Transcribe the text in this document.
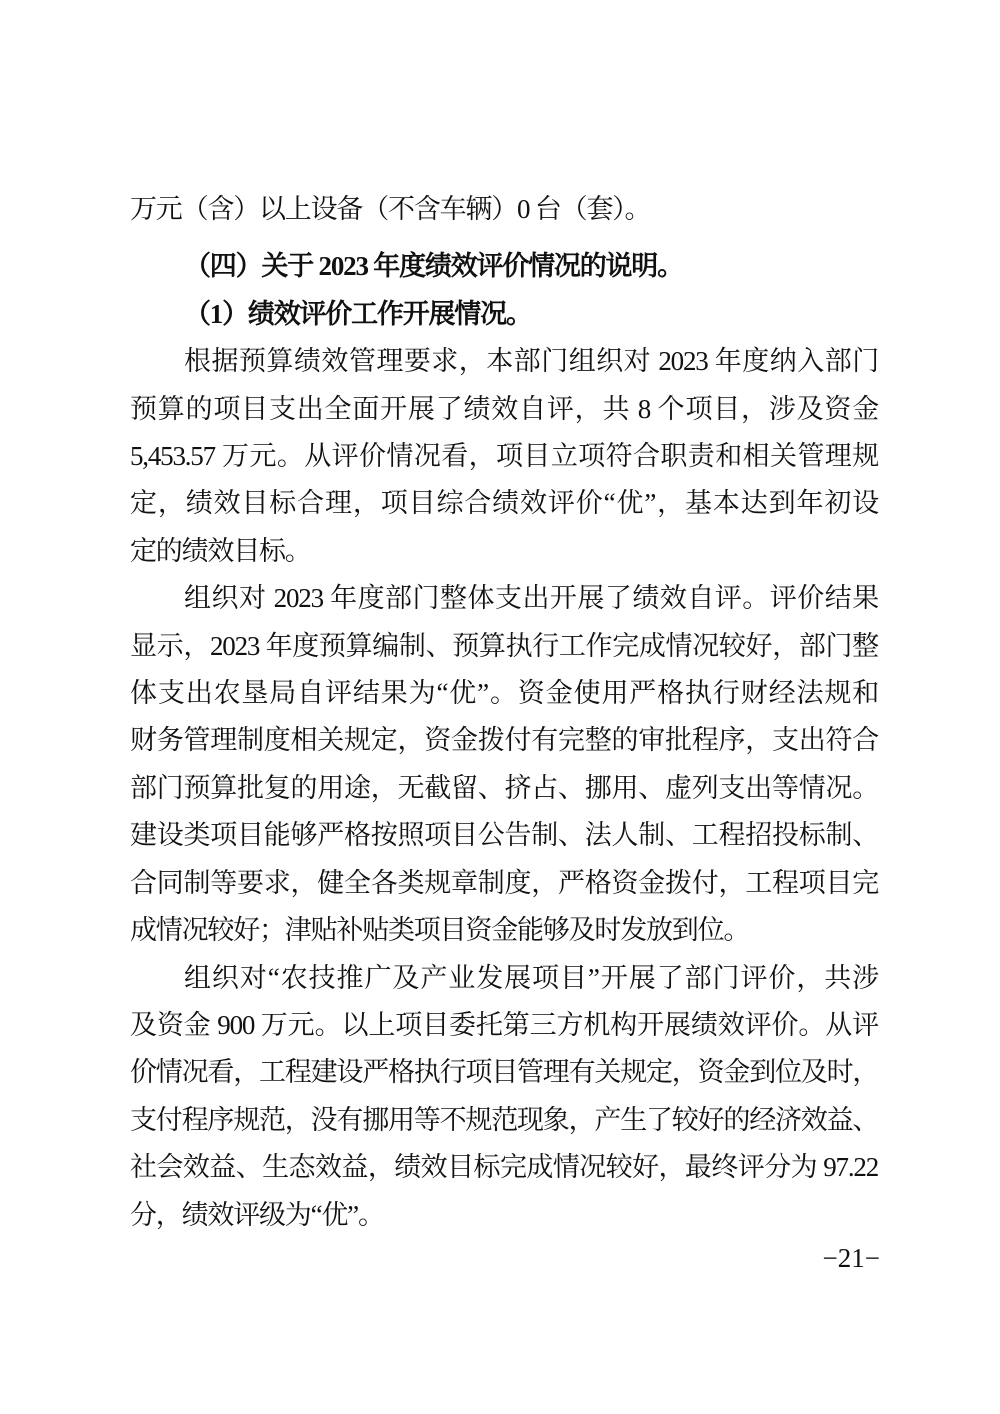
万元（含）以上设备（不含车辆）0 台（套）。

（四）关于 2023 年度绩效评价情况的说明。

（1）绩效评价工作开展情况。

根据预算绩效管理要求，本部门组织对 2023 年度纳入部门

预算的项目支出全面开展了绩效自评，共 8 个项目，涉及资金

5,453.57 万元。从评价情况看，项目立项符合职责和相关管理规

定，绩效目标合理，项目综合绩效评价“优”，基本达到年初设

定的绩效目标。

组织对 2023 年度部门整体支出开展了绩效自评。评价结果

显示，2023 年度预算编制、预算执行工作完成情况较好，部门整

体支出农垦局自评结果为“优”。资金使用严格执行财经法规和

财务管理制度相关规定，资金拨付有完整的审批程序，支出符合

部门预算批复的用途，无截留、挤占、挪用、虚列支出等情况。

建设类项目能够严格按照项目公告制、法人制、工程招投标制、

合同制等要求，健全各类规章制度，严格资金拨付，工程项目完

成情况较好；津贴补贴类项目资金能够及时发放到位。

组织对“农技推广及产业发展项目”开展了部门评价，共涉

及资金 900 万元。以上项目委托第三方机构开展绩效评价。从评

价情况看，工程建设严格执行项目管理有关规定，资金到位及时，

支付程序规范，没有挪用等不规范现象，产生了较好的经济效益、

社会效益、生态效益，绩效目标完成情况较好，最终评分为 97.22

分，绩效评级为“优”。

−21−
